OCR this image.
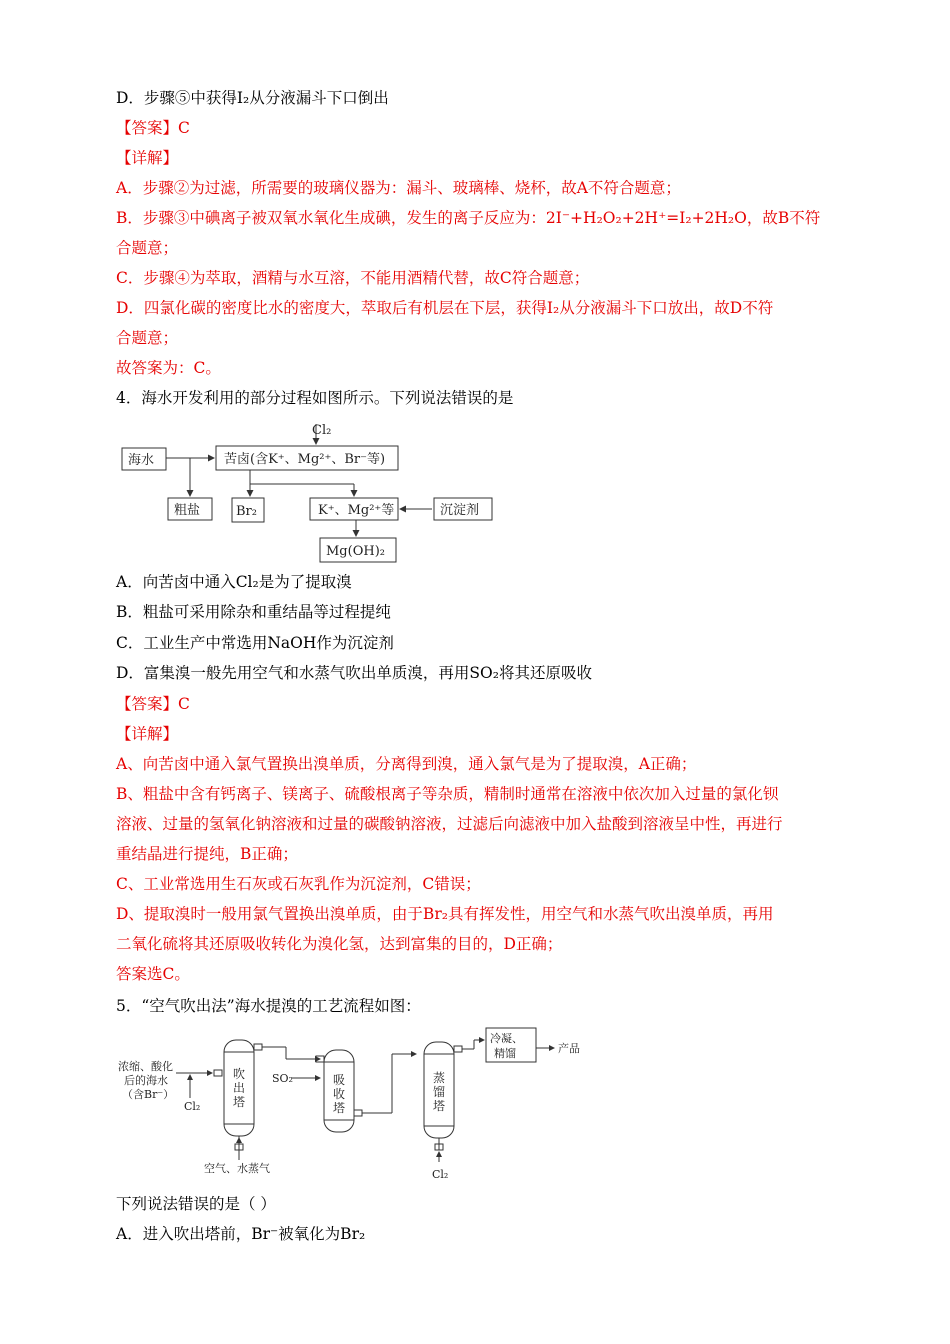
D．步骤⑤中获得I₂从分液漏斗下口倒出
【答案】C
【详解】
A．步骤②为过滤，所需要的玻璃仪器为：漏斗、玻璃棒、烧杯，故A不符合题意；
B．步骤③中碘离子被双氧水氧化生成碘，发生的离子反应为：2I⁻+H₂O₂+2H⁺=I₂+2H₂O，故B不符
合题意；
C．步骤④为萃取，酒精与水互溶，不能用酒精代替，故C符合题意；
D．四氯化碳的密度比水的密度大，萃取后有机层在下层，获得I₂从分液漏斗下口放出，故D不符
合题意；
故答案为：C。
4．海水开发利用的部分过程如图所示。下列说法错误的是
Cl₂
海水	苦卤(含K⁺、Mg²⁺、Br⁻等)
粗盐	Br₂	K⁺、Mg²⁺等	沉淀剂
Mg(OH)₂
A．向苦卤中通入Cl₂是为了提取溴
B．粗盐可采用除杂和重结晶等过程提纯
C．工业生产中常选用NaOH作为沉淀剂
D．富集溴一般先用空气和水蒸气吹出单质溴，再用SO₂将其还原吸收
【答案】C
【详解】
A、向苦卤中通入氯气置换出溴单质，分离得到溴，通入氯气是为了提取溴，A正确；
B、粗盐中含有钙离子、镁离子、硫酸根离子等杂质，精制时通常在溶液中依次加入过量的氯化钡
溶液、过量的氢氧化钠溶液和过量的碳酸钠溶液，过滤后向滤液中加入盐酸到溶液呈中性，再进行
重结晶进行提纯，B正确；
C、工业常选用生石灰或石灰乳作为沉淀剂，C错误；
D、提取溴时一般用氯气置换出溴单质，由于Br₂具有挥发性，用空气和水蒸气吹出溴单质，再用
二氧化硫将其还原吸收转化为溴化氢，达到富集的目的，D正确；
答案选C。
5．“空气吹出法”海水提溴的工艺流程如图：
浓缩、酸化
后的海水
（含Br⁻）
Cl₂
吹
出
塔
空气、水蒸气
SO₂	吸
收
塔
蒸
馏
塔
Cl₂
冷凝、
精馏	产品
下列说法错误的是（ ）
A．进入吹出塔前，Br⁻被氧化为Br₂
